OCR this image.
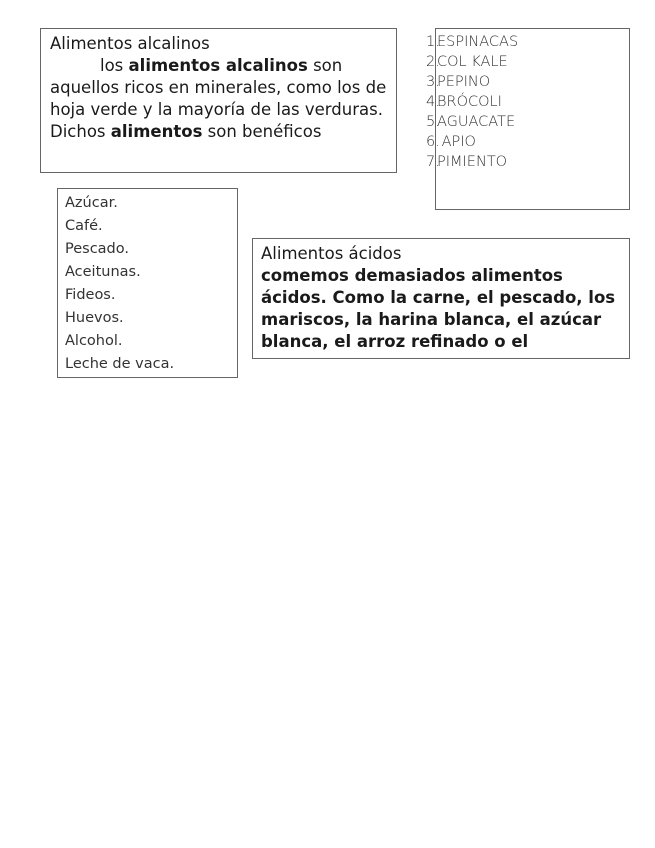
Alimentos alcalinos
los alimentos alcalinos son aquellos ricos en minerales, como los de hoja verde y la mayoría de las verduras.
Dichos alimentos son benéficos
1.
ESPINACAS
2.
COL KALE
3.
PEPINO
4.
BRÓCOLI
5.
AGUACATE
6.
APIO
7.
PIMIENTO
Azúcar.
Café.
Pescado.
Aceitunas.
Fideos.
Huevos.
Alcohol.
Leche de vaca.
Alimentos ácidos
comemos demasiados alimentos ácidos. Como la carne, el pescado, los mariscos, la harina blanca, el azúcar blanca, el arroz refinado o el
